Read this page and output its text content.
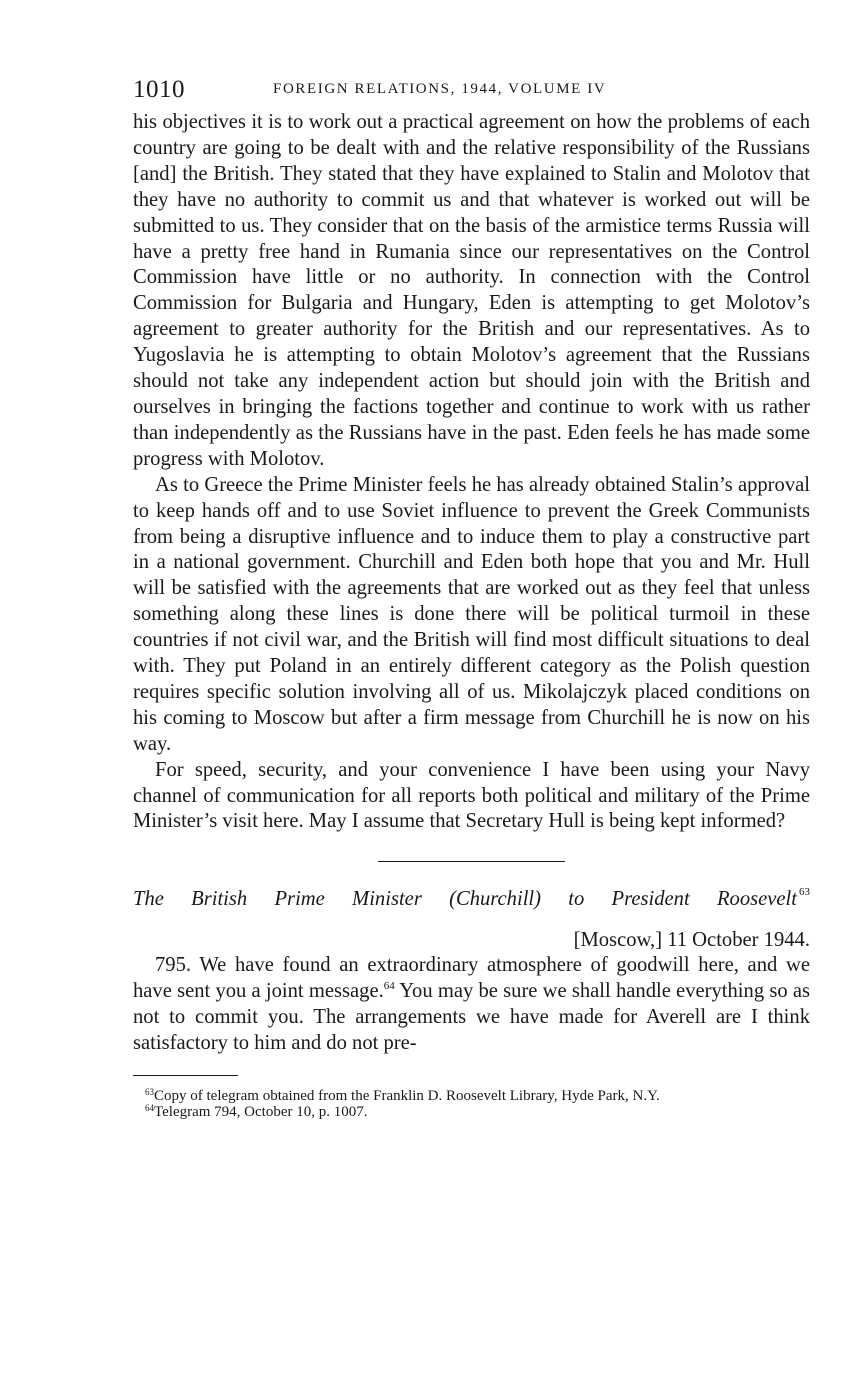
1010	FOREIGN RELATIONS, 1944, VOLUME IV

his objectives it is to work out a practical agreement on how the problems of each country are going to be dealt with and the relative responsibility of the Russians [and] the British. They stated that they have explained to Stalin and Molotov that they have no authority to commit us and that whatever is worked out will be submitted to us. They consider that on the basis of the armistice terms Russia will have a pretty free hand in Rumania since our representatives on the Control Commission have little or no authority. In connection with the Control Commission for Bulgaria and Hungary, Eden is attempting to get Molotov’s agreement to greater authority for the British and our representatives. As to Yugoslavia he is attempting to obtain Molotov’s agreement that the Russians should not take any independent action but should join with the British and ourselves in bringing the factions together and continue to work with us rather than independently as the Russians have in the past. Eden feels he has made some progress with Molotov.

As to Greece the Prime Minister feels he has already obtained Stalin’s approval to keep hands off and to use Soviet influence to prevent the Greek Communists from being a disruptive influence and to induce them to play a constructive part in a national government. Churchill and Eden both hope that you and Mr. Hull will be satisfied with the agreements that are worked out as they feel that unless something along these lines is done there will be political turmoil in these countries if not civil war, and the British will find most difficult situations to deal with. They put Poland in an entirely different category as the Polish question requires specific solution involving all of us. Mikolajczyk placed conditions on his coming to Moscow but after a firm message from Churchill he is now on his way.

For speed, security, and your convenience I have been using your Navy channel of communication for all reports both political and military of the Prime Minister’s visit here. May I assume that Secretary Hull is being kept informed?

The British Prime Minister (Churchill) to President Roosevelt $^{63}$

[Moscow,] 11 October 1944.

795. We have found an extraordinary atmosphere of goodwill here, and we have sent you a joint message.$^{64}$ You may be sure we shall handle everything so as not to commit you. The arrangements we have made for Averell are I think satisfactory to him and do not pre-

$^{63}$Copy of telegram obtained from the Franklin D. Roosevelt Library, Hyde Park, N.Y.

$^{64}$Telegram 794, October 10, p. 1007.
